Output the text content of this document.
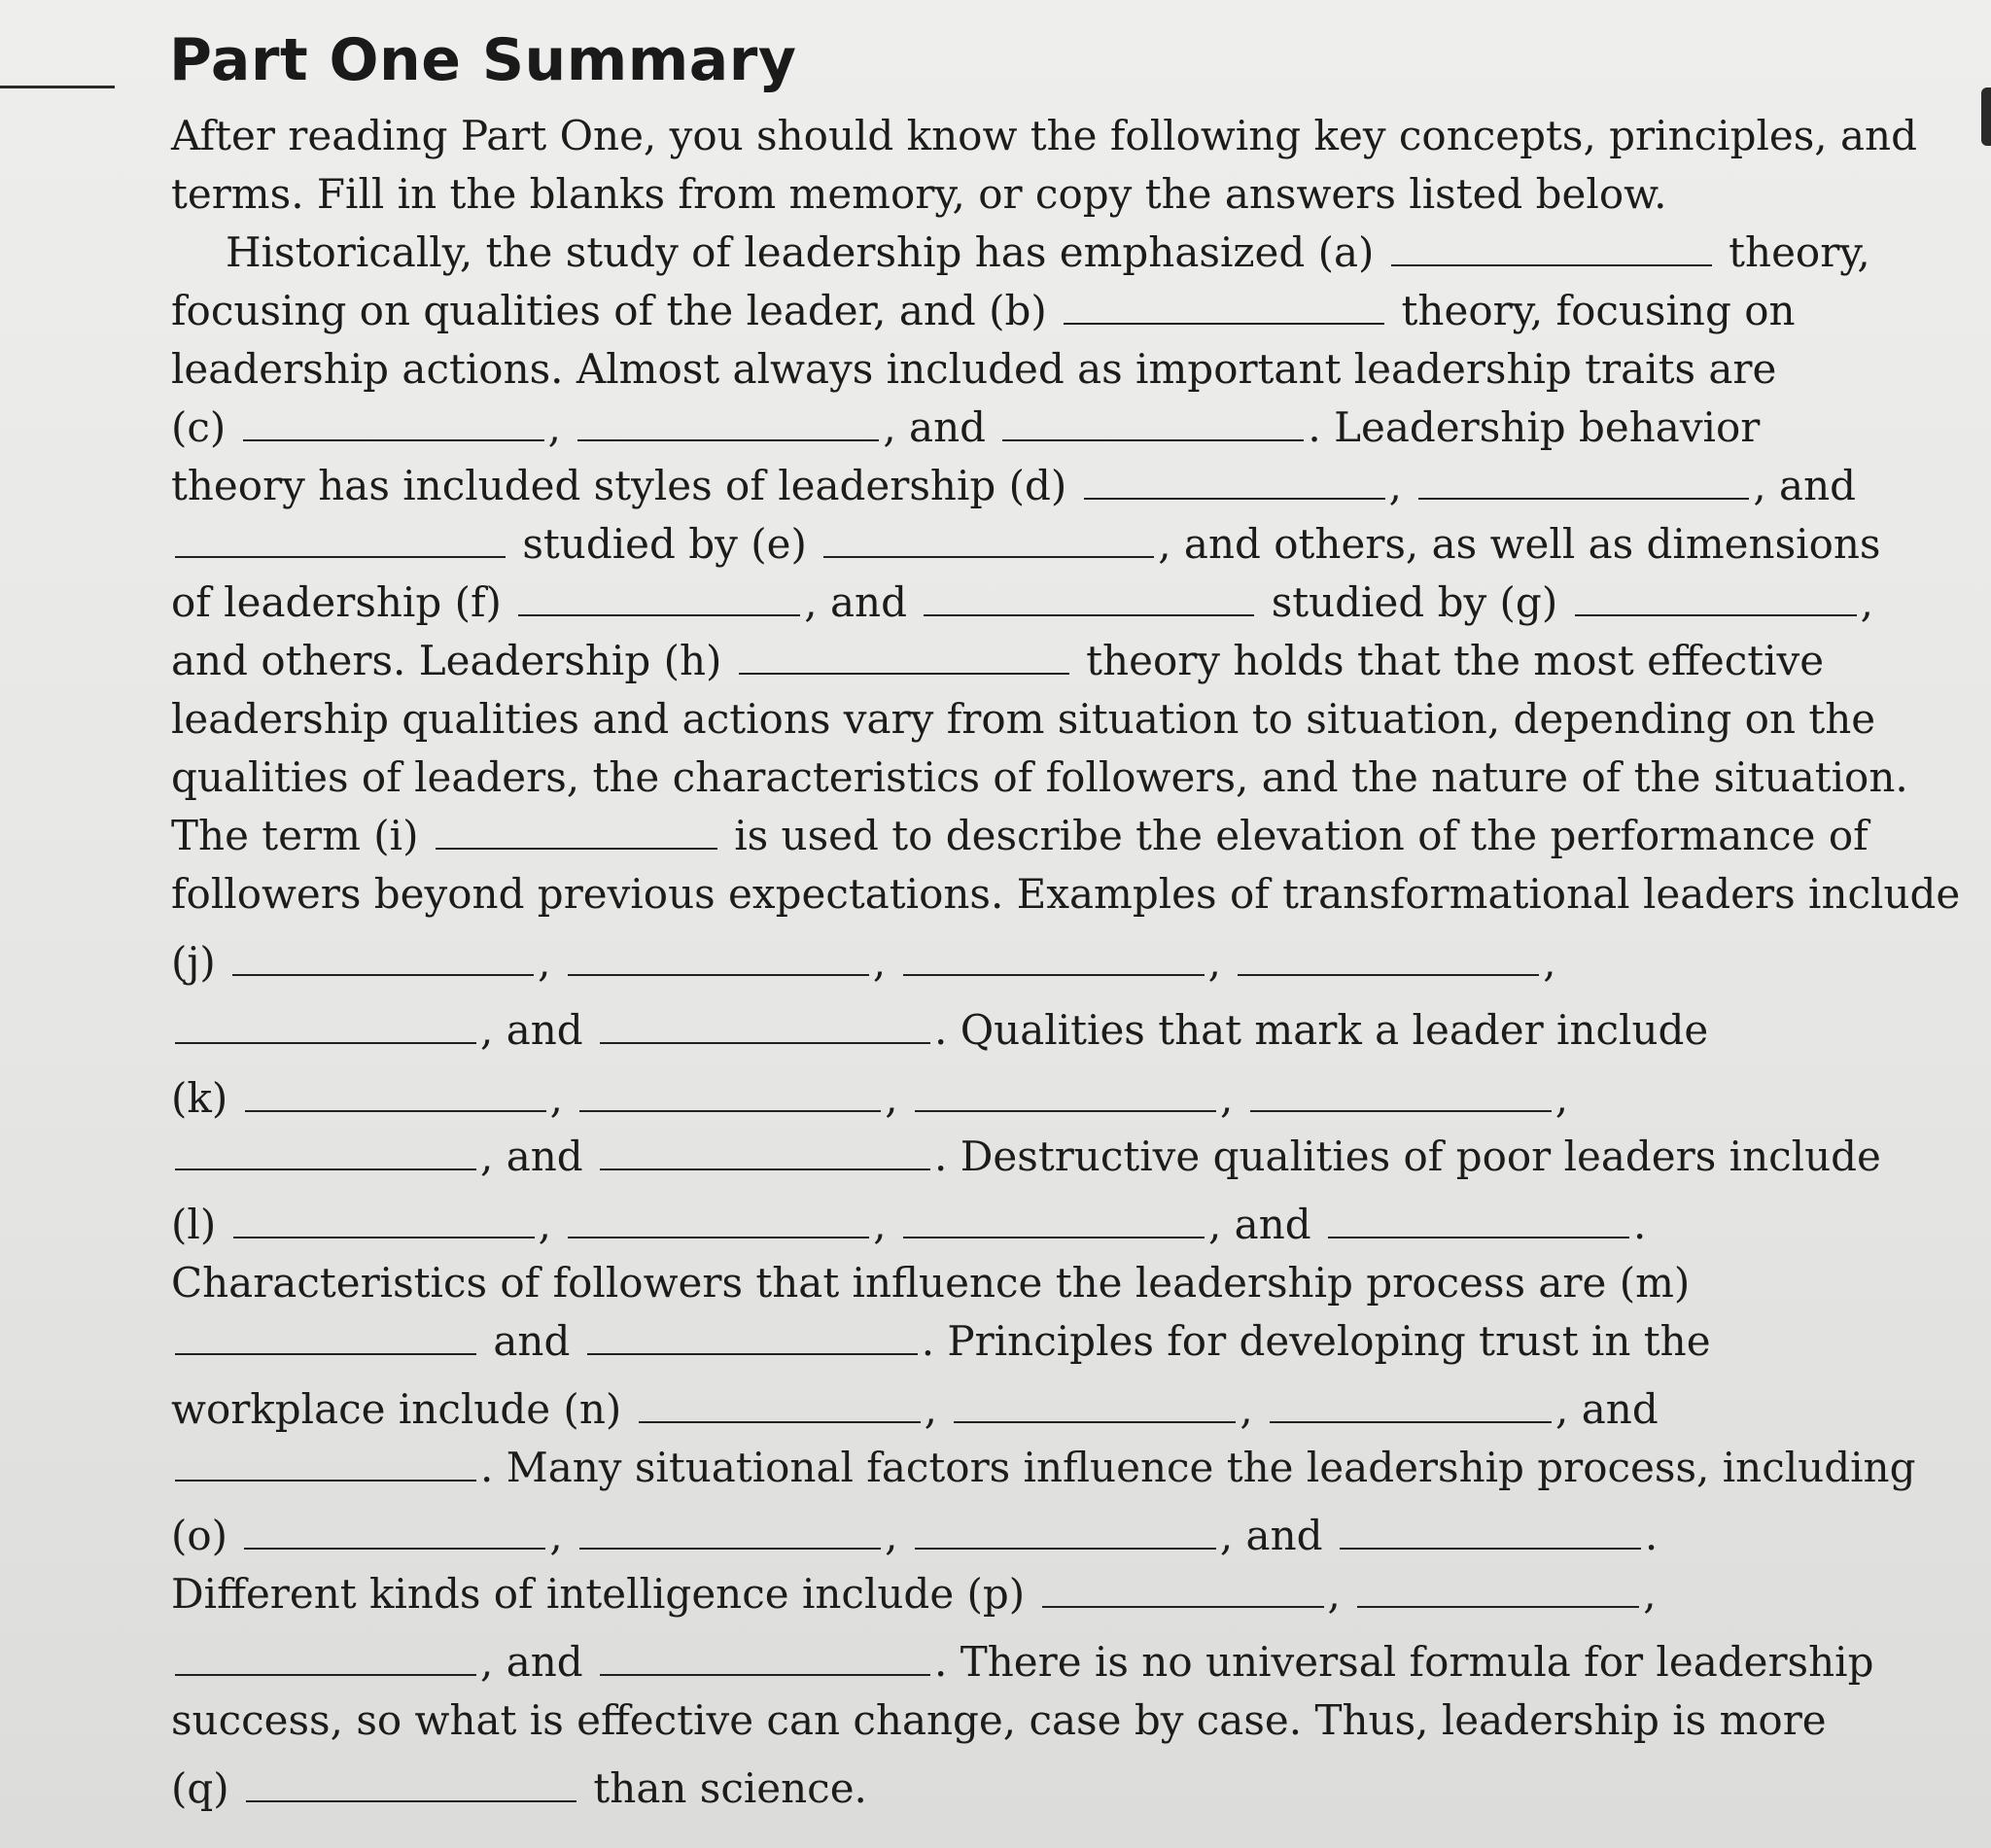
Part One Summary
After reading Part One, you should know the following key concepts, principles, and
terms. Fill in the blanks from memory, or copy the answers listed below.
Historically, the study of leadership has emphasized (a)	theory,
focusing on qualities of the leader, and (b)	theory, focusing on
leadership actions. Almost always included as important leadership traits are
(c)	,	, and	. Leadership behavior
theory has included styles of leadership (d)	,	, and
studied by (e)	, and others, as well as dimensions
of leadership (f)	, and	studied by (g)	,
and others. Leadership (h)	theory holds that the most effective
leadership qualities and actions vary from situation to situation, depending on the
qualities of leaders, the characteristics of followers, and the nature of the situation.
The term (i)	is used to describe the elevation of the performance of
followers beyond previous expectations. Examples of transformational leaders include
(j)	,	,	,	,
, and	. Qualities that mark a leader include
(k)	,	,	,	,
, and	. Destructive qualities of poor leaders include
(l)	,	,	, and	.
Characteristics of followers that influence the leadership process are (m)
and	. Principles for developing trust in the
workplace include (n)	,	,	, and
. Many situational factors influence the leadership process, including
(o)	,	,	, and	.
Different kinds of intelligence include (p)	,	,
, and	. There is no universal formula for leadership
success, so what is effective can change, case by case. Thus, leadership is more
(q)	than science.
